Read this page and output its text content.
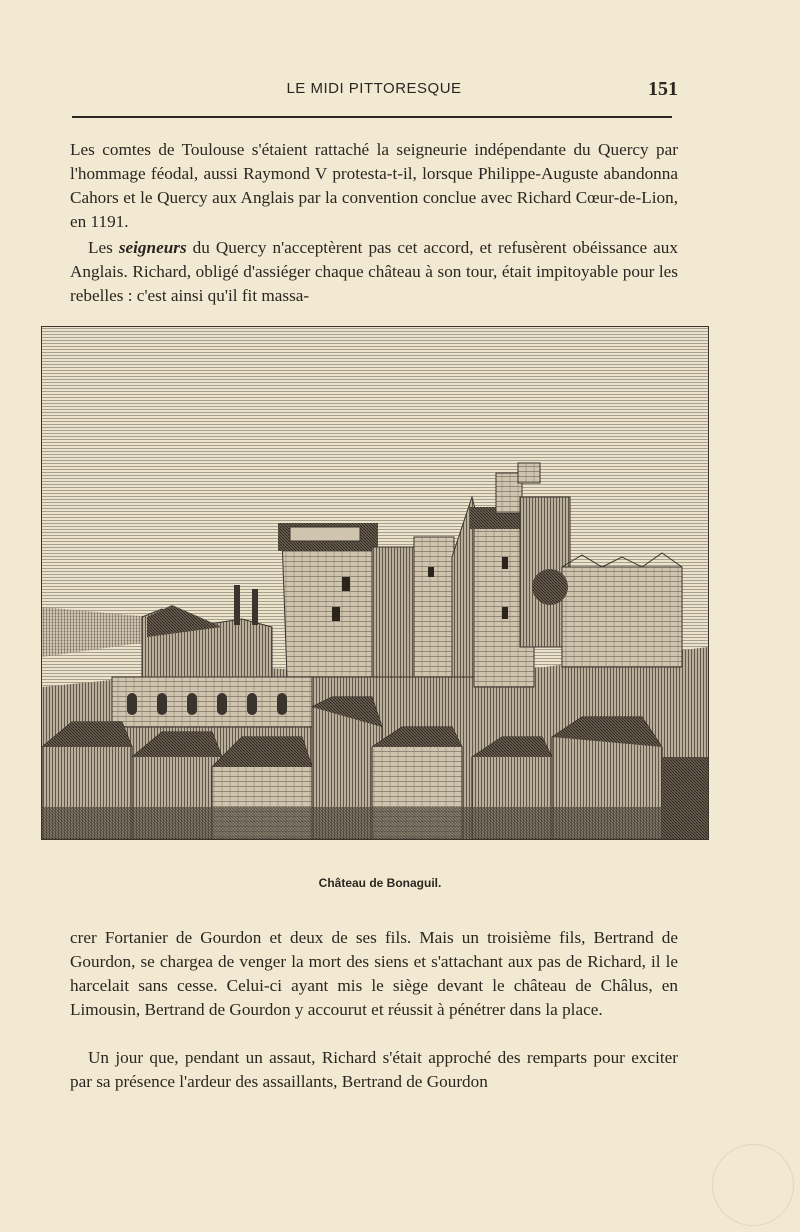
LE MIDI PITTORESQUE	151

Les comtes de Toulouse s'étaient rattaché la seigneurie indépendante du Quercy par l'hommage féodal, aussi Raymond V protesta-t-il, lorsque Philippe-Auguste abandonna Cahors et le Quercy aux Anglais par la convention conclue avec Richard Cœur-de-Lion, en 1191.

Les seigneurs du Quercy n'acceptèrent pas cet accord, et refusèrent obéissance aux Anglais. Richard, obligé d'assiéger chaque château à son tour, était impitoyable pour les rebelles : c'est ainsi qu'il fit massa-

Château de Bonaguil.

crer Fortanier de Gourdon et deux de ses fils. Mais un troisième fils, Bertrand de Gourdon, se chargea de venger la mort des siens et s'attachant aux pas de Richard, il le harcelait sans cesse. Celui-ci ayant mis le siège devant le château de Châlus, en Limousin, Bertrand de Gourdon y accourut et réussit à pénétrer dans la place.

Un jour que, pendant un assaut, Richard s'était approché des remparts pour exciter par sa présence l'ardeur des assaillants, Bertrand de Gourdon
